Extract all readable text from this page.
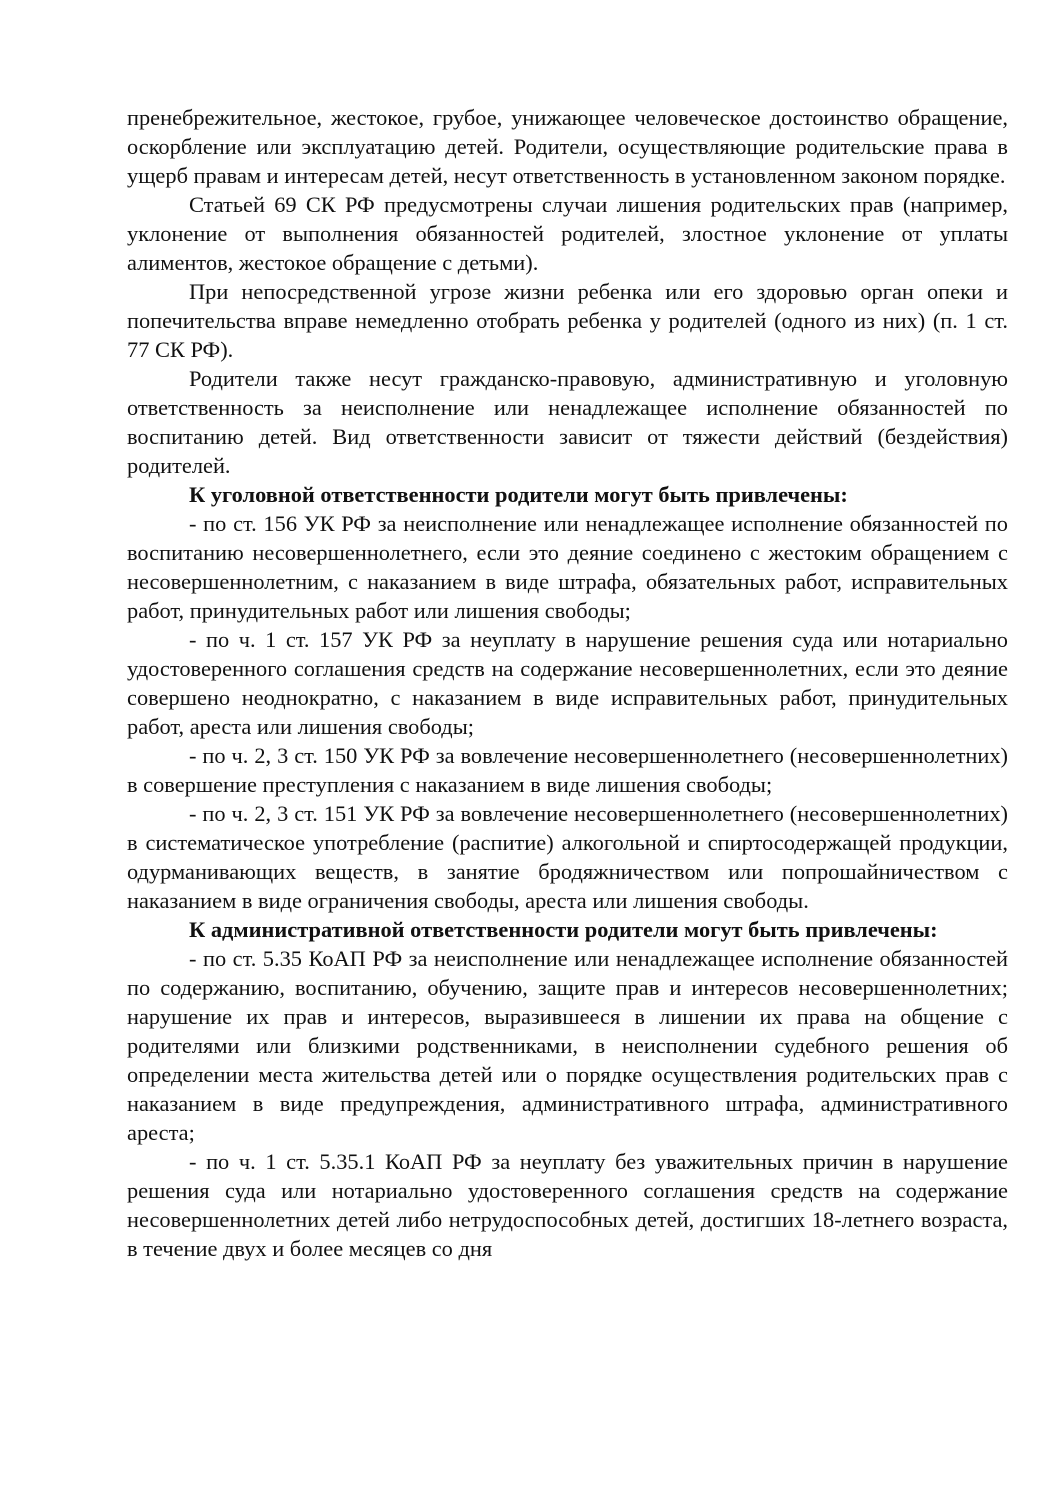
пренебрежительное, жестокое, грубое, унижающее человеческое достоинство обращение, оскорбление или эксплуатацию детей. Родители, осуществляющие родительские права в ущерб правам и интересам детей, несут ответственность в установленном законом порядке.

Статьей 69 СК РФ предусмотрены случаи лишения родительских прав (например, уклонение от выполнения обязанностей родителей, злостное уклонение от уплаты алиментов, жестокое обращение с детьми).

При непосредственной угрозе жизни ребенка или его здоровью орган опеки и попечительства вправе немедленно отобрать ребенка у родителей (одного из них) (п. 1 ст. 77 СК РФ).

Родители также несут гражданско-правовую, административную и уголовную ответственность за неисполнение или ненадлежащее исполнение обязанностей по воспитанию детей. Вид ответственности зависит от тяжести действий (бездействия) родителей.

К уголовной ответственности родители могут быть привлечены:

- по ст. 156 УК РФ за неисполнение или ненадлежащее исполнение обязанностей по воспитанию несовершеннолетнего, если это деяние соединено с жестоким обращением с несовершеннолетним, с наказанием в виде штрафа, обязательных работ, исправительных работ, принудительных работ или лишения свободы;

- по ч. 1 ст. 157 УК РФ за неуплату в нарушение решения суда или нотариально удостоверенного соглашения средств на содержание несовершеннолетних, если это деяние совершено неоднократно, с наказанием в виде исправительных работ, принудительных работ, ареста или лишения свободы;

- по ч. 2, 3 ст. 150 УК РФ за вовлечение несовершеннолетнего (несовершеннолетних) в совершение преступления с наказанием в виде лишения свободы;

- по ч. 2, 3 ст. 151 УК РФ за вовлечение несовершеннолетнего (несовершеннолетних) в систематическое употребление (распитие) алкогольной и спиртосодержащей продукции, одурманивающих веществ, в занятие бродяжничеством или попрошайничеством с наказанием в виде ограничения свободы, ареста или лишения свободы.

К административной ответственности родители могут быть привлечены:

- по ст. 5.35 КоАП РФ за неисполнение или ненадлежащее исполнение обязанностей по содержанию, воспитанию, обучению, защите прав и интересов несовершеннолетних; нарушение их прав и интересов, выразившееся в лишении их права на общение с родителями или близкими родственниками, в неисполнении судебного решения об определении места жительства детей или о порядке осуществления родительских прав с наказанием в виде предупреждения, административного штрафа, административного ареста;

- по ч. 1 ст. 5.35.1 КоАП РФ за неуплату без уважительных причин в нарушение решения суда или нотариально удостоверенного соглашения средств на содержание несовершеннолетних детей либо нетрудоспособных детей, достигших 18-летнего возраста, в течение двух и более месяцев со дня
